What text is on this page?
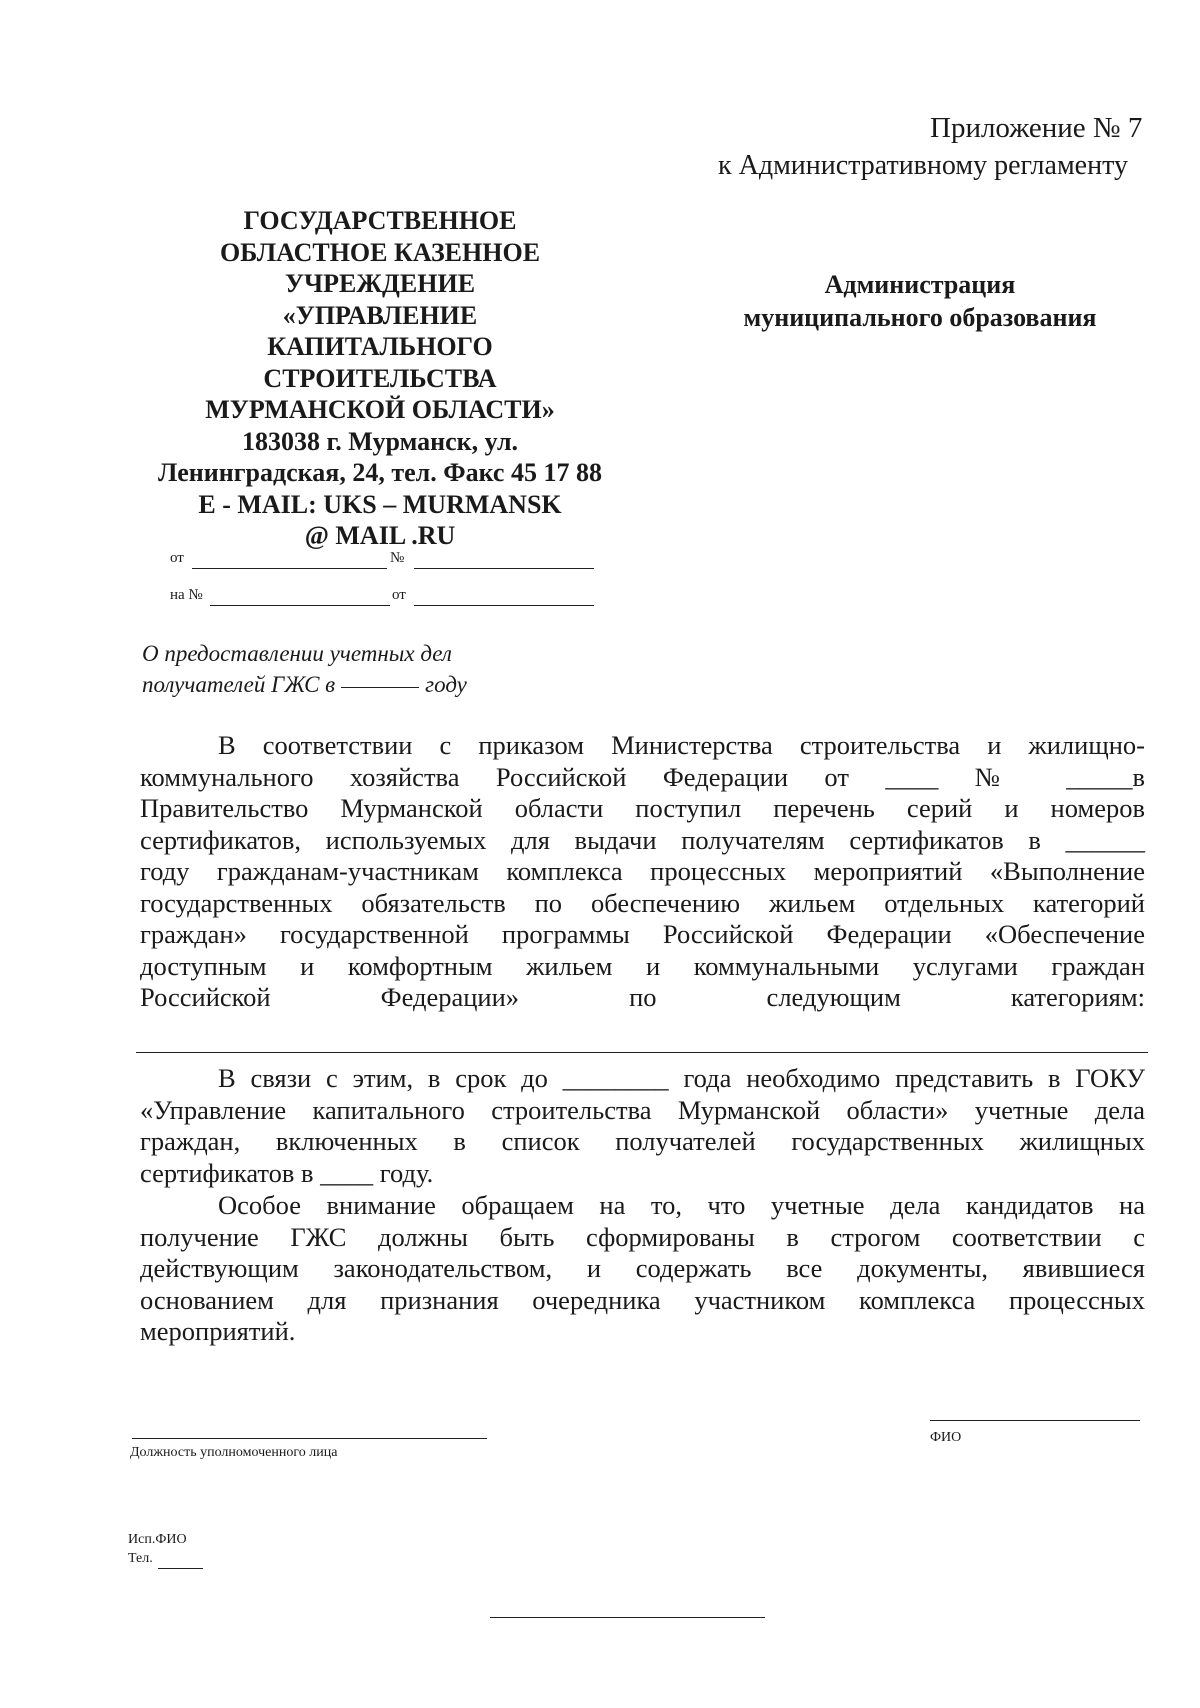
Приложение № 7
к Административному регламенту
ГОСУДАРСТВЕННОЕ
ОБЛАСТНОЕ КАЗЕННОЕ
УЧРЕЖДЕНИЕ
«УПРАВЛЕНИЕ
КАПИТАЛЬНОГО
СТРОИТЕЛЬСТВА
МУРМАНСКОЙ ОБЛАСТИ»
183038 г. Мурманск, ул.
Ленинградская, 24, тел. Факс 45 17 88
E - MAIL: UKS – MURMANSK
@ MAIL .RU
Администрация
муниципального образования
от	№
на №	от
О предоставлении учетных дел
получателей ГЖС в	году
В соответствии с приказом Министерства строительства и жилищно-
коммунального хозяйства Российской Федерации от ____ № _____в
Правительство Мурманской области поступил перечень серий и номеров
сертификатов, используемых для выдачи получателям сертификатов в ______
году гражданам-участникам комплекса процессных мероприятий «Выполнение
государственных обязательств по обеспечению жильем отдельных категорий
граждан» государственной программы Российской Федерации «Обеспечение
доступным и комфортным жильем и коммунальными услугами граждан
Российской Федерации» по следующим категориям:
В связи с этим, в срок до ________ года необходимо представить в ГОКУ
«Управление капитального строительства Мурманской области» учетные дела
граждан, включенных в список получателей государственных жилищных
сертификатов в ____ году.
Особое внимание обращаем на то, что учетные дела кандидатов на
получение ГЖС должны быть сформированы в строгом соответствии с
действующим законодательством, и содержать все документы, явившиеся
основанием для признания очередника участником комплекса процессных
мероприятий.
Должность уполномоченного лица
ФИО
Исп.ФИО
Тел.
